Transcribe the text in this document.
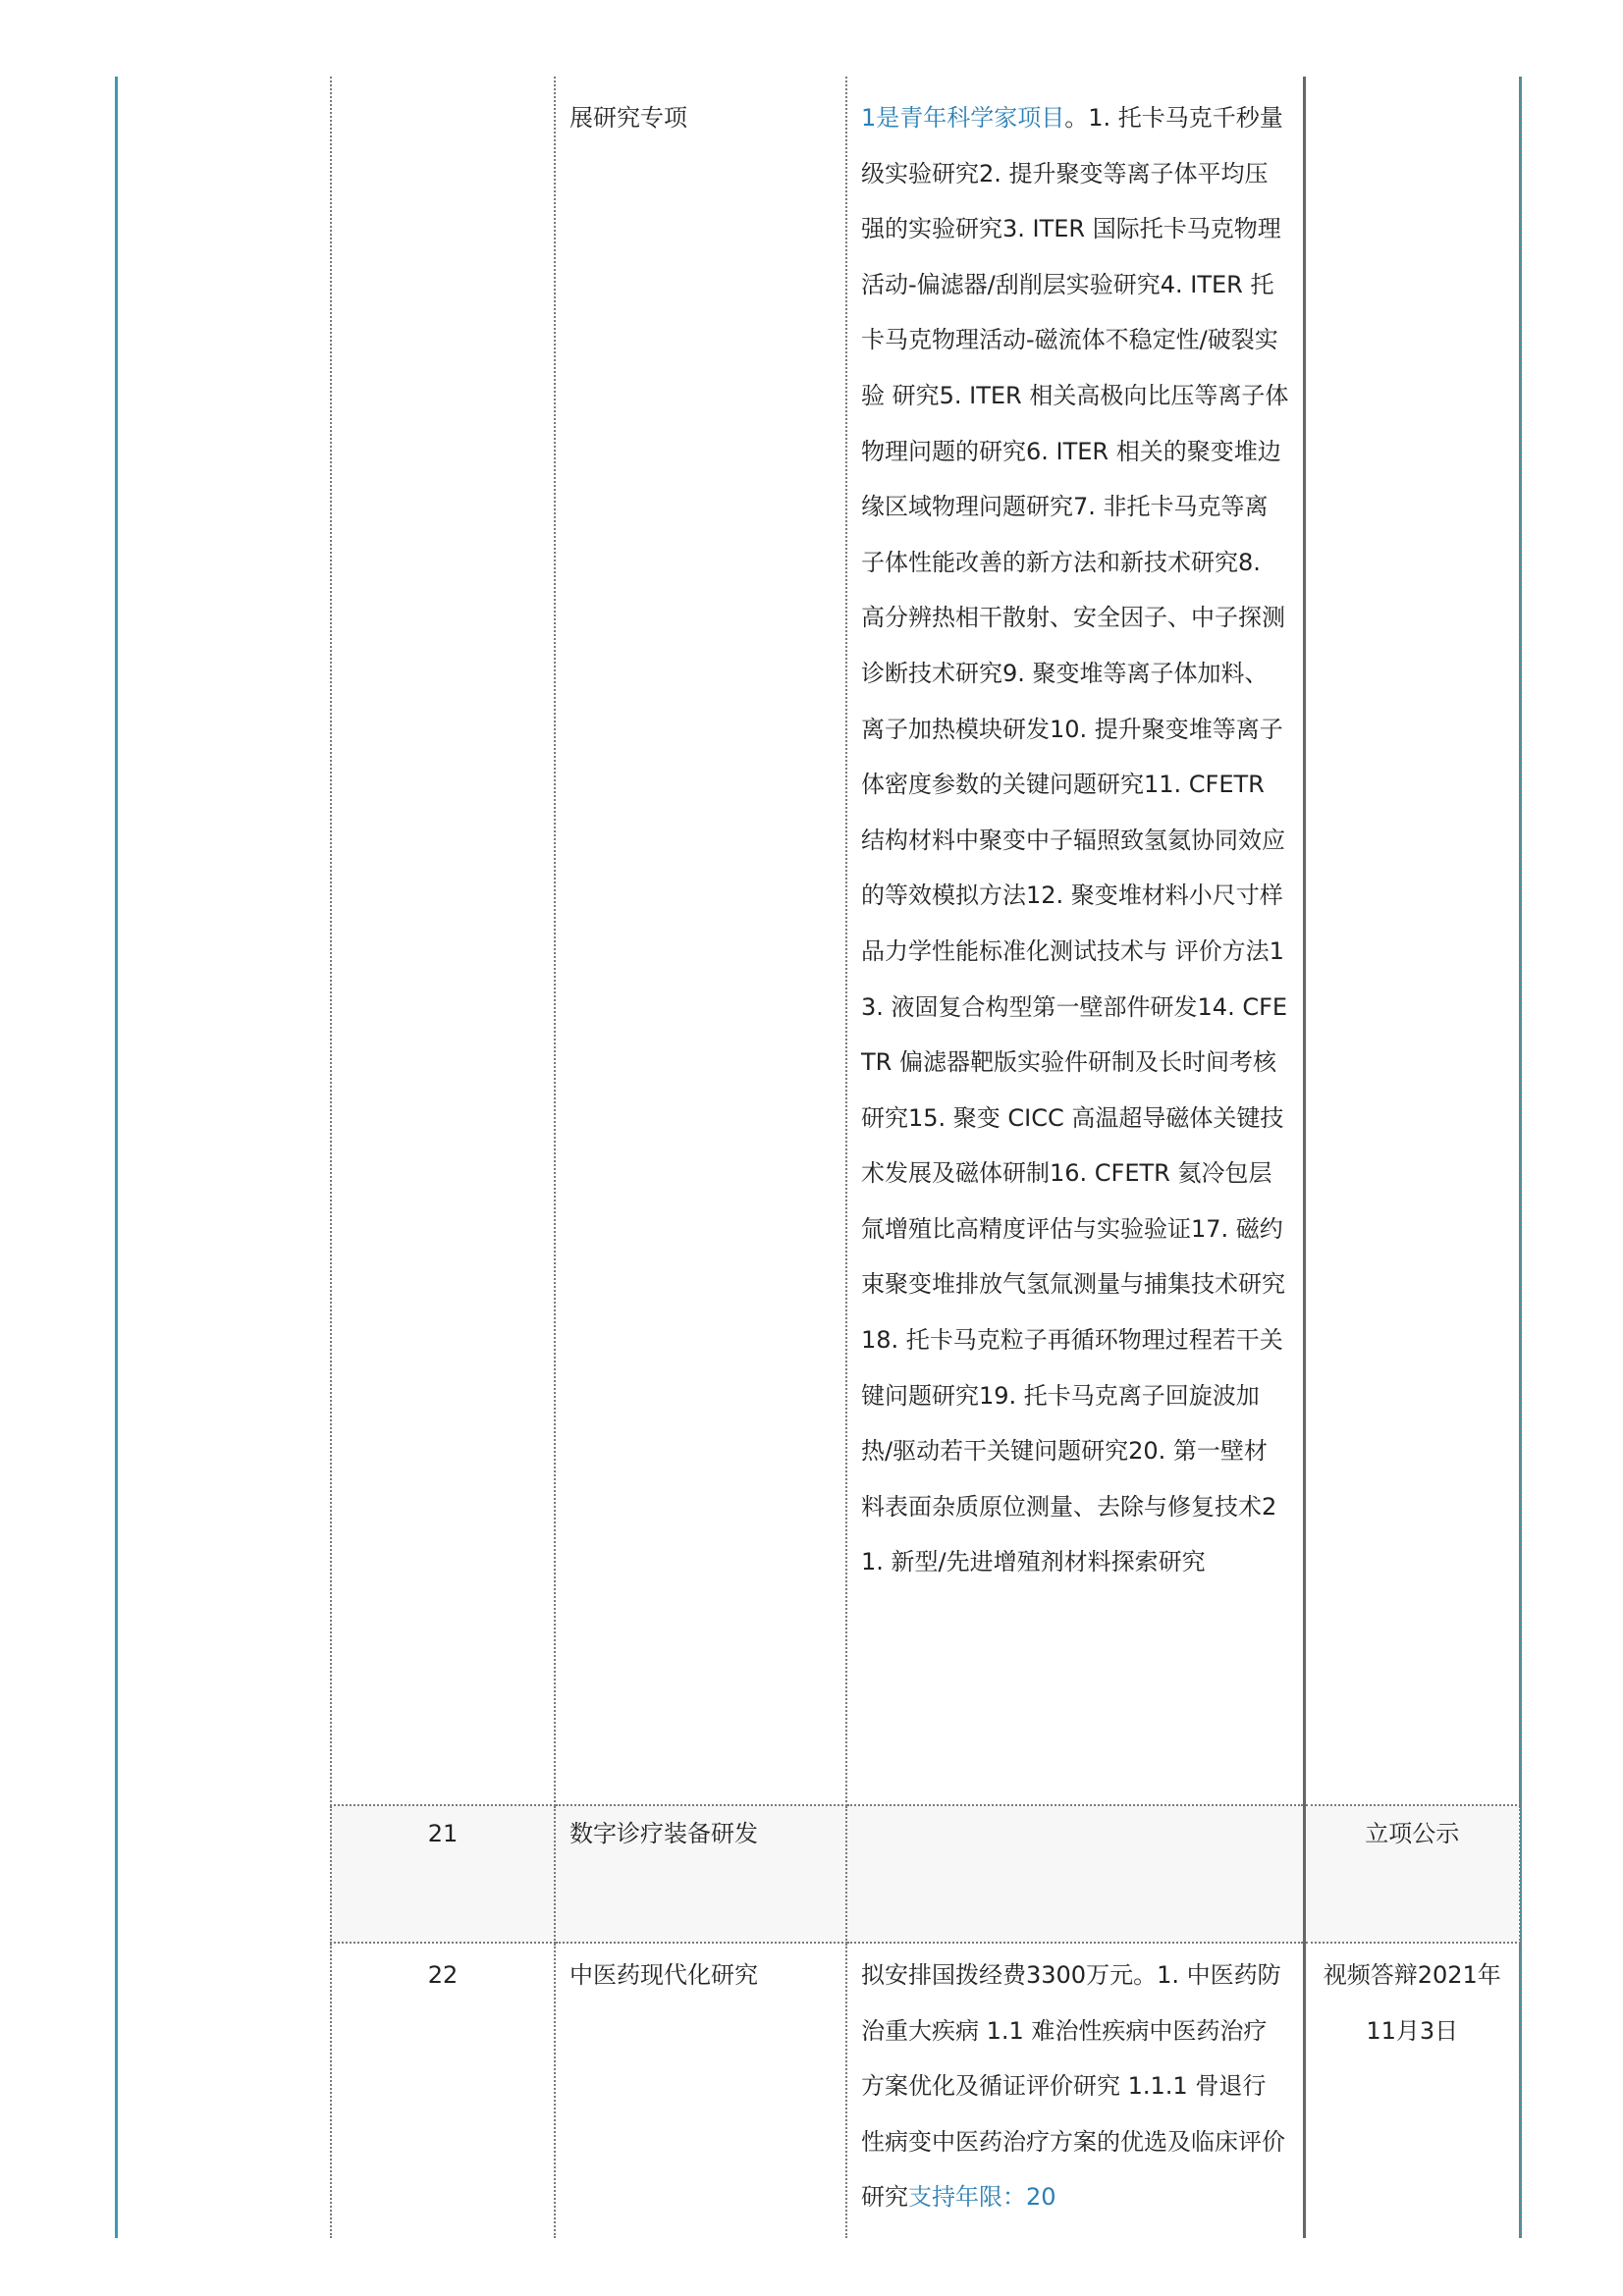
	展研究专项	1是青年科学家项目。1. 托卡马克千秒量级实验研究2. 提升聚变等离子体平均压强的实验研究3. ITER 国际托卡马克物理活动-偏滤器/刮削层实验研究4. ITER 托卡马克物理活动-磁流体不稳定性/破裂实验 研究5. ITER 相关高极向比压等离子体物理问题的研究6. ITER 相关的聚变堆边缘区域物理问题研究7. 非托卡马克等离子体性能改善的新方法和新技术研究8. 高分辨热相干散射、安全因子、中子探测诊断技术研究9. 聚变堆等离子体加料、离子加热模块研发10. 提升聚变堆等离子体密度参数的关键问题研究11. CFETR 结构材料中聚变中子辐照致氢氦协同效应 的等效模拟方法12. 聚变堆材料小尺寸样品力学性能标准化测试技术与 评价方法13. 液固复合构型第一壁部件研发14. CFETR 偏滤器靶版实验件研制及长时间考核研究15. 聚变 CICC 高温超导磁体关键技术发展及磁体研制16. CFETR 氦冷包层氚增殖比高精度评估与实验验证17. 磁约束聚变堆排放气氢氚测量与捕集技术研究18. 托卡马克粒子再循环物理过程若干关键问题研究19. 托卡马克离子回旋波加热/驱动若干关键问题研究20. 第一壁材料表面杂质原位测量、去除与修复技术21. 新型/先进增殖剂材料探索研究	

21	数字诊疗装备研发		立项公示

22	中医药现代化研究	拟安排国拨经费3300万元。1. 中医药防治重大疾病 1.1 难治性疾病中医药治疗方案优化及循证评价研究 1.1.1 骨退行性病变中医药治疗方案的优选及临床评价研究支持年限：20	视频答辩2021年11月3日
